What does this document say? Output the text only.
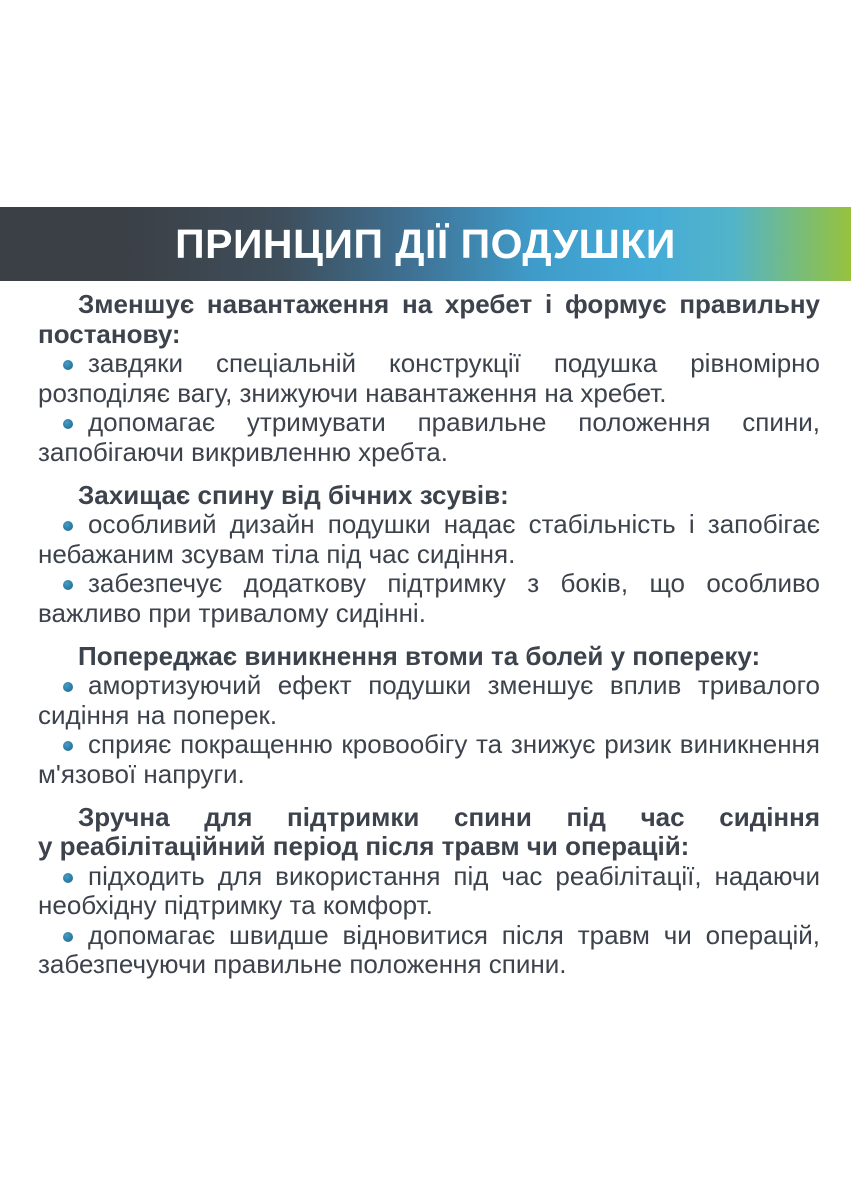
ПРИНЦИП ДІЇ ПОДУШКИ
Зменшує навантаження на хребет і формує правильну
постанову:
завдяки спеціальній конструкції подушка рівномірно
розподіляє вагу, знижуючи навантаження на хребет.
допомагає утримувати правильне положення спини,
запобігаючи викривленню хребта.
Захищає спину від бічних зсувів:
особливий дизайн подушки надає стабільність і запобігає
небажаним зсувам тіла під час сидіння.
забезпечує додаткову підтримку з боків, що особливо
важливо при тривалому сидінні.
Попереджає виникнення втоми та болей у попереку:
амортизуючий ефект подушки зменшує вплив тривалого
сидіння на поперек.
сприяє покращенню кровообігу та знижує ризик виникнення
м'язової напруги.
Зручна для підтримки спини під час сидіння
у реабілітаційний період після травм чи операцій:
підходить для використання під час реабілітації, надаючи
необхідну підтримку та комфорт.
допомагає швидше відновитися після травм чи операцій,
забезпечуючи правильне положення спини.
